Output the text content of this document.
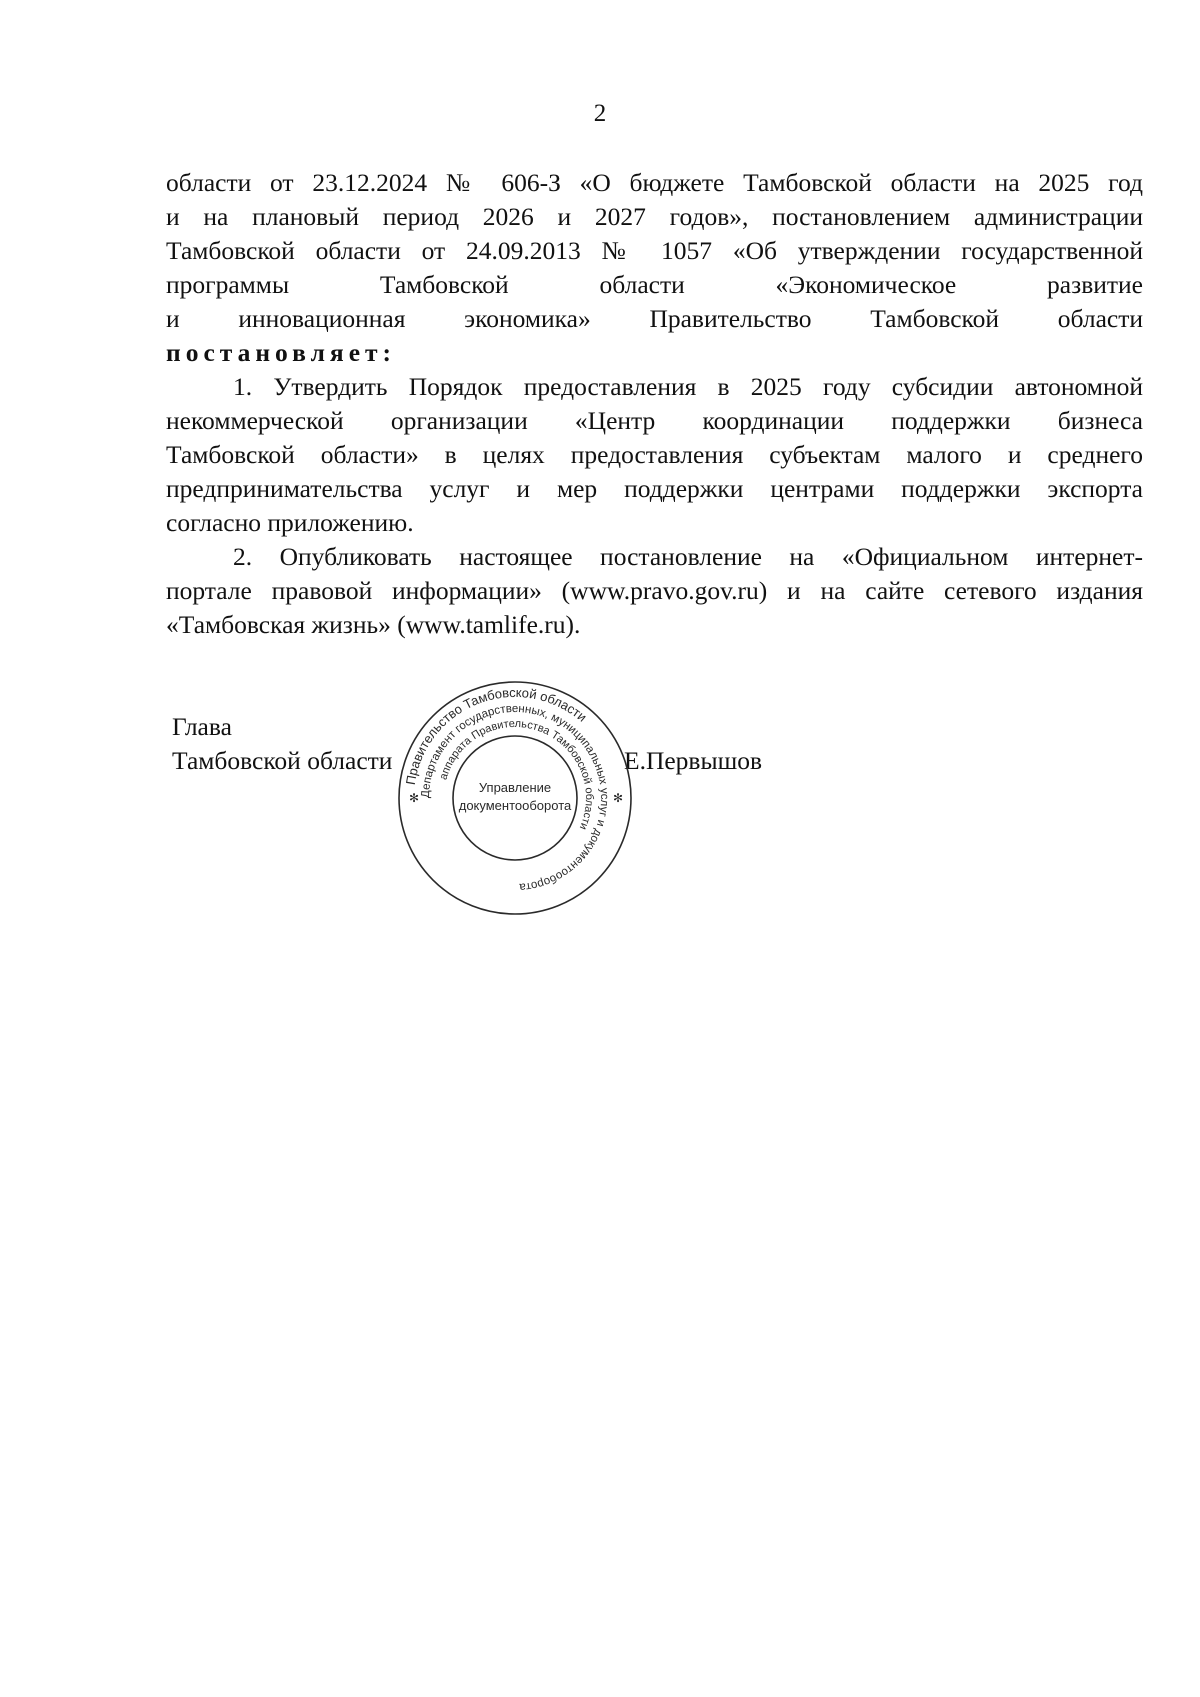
2

области от 23.12.2024 № 606-З «О бюджете Тамбовской области на 2025 год
и на плановый период 2026 и 2027 годов», постановлением администрации
Тамбовской области от 24.09.2013 № 1057 «Об утверждении государственной
программы Тамбовской области «Экономическое развитие
и инновационная экономика» Правительство Тамбовской области
постановляет:

1. Утвердить Порядок предоставления в 2025 году субсидии автономной
некоммерческой организации «Центр координации поддержки бизнеса
Тамбовской области» в целях предоставления субъектам малого и среднего
предпринимательства услуг и мер поддержки центрами поддержки экспорта
согласно приложению.

2. Опубликовать настоящее постановление на «Официальном интернет-
портале правовой информации» (www.pravo.gov.ru) и на сайте сетевого издания
«Тамбовская жизнь» (www.tamlife.ru).

Глава
Тамбовской области	Е.Первышов
Правительство Тамбовской области
Департамент государственных, муниципальных услуг и документооборота
аппарата Правительства Тамбовской области
Управление
документооборота
✻	✻
